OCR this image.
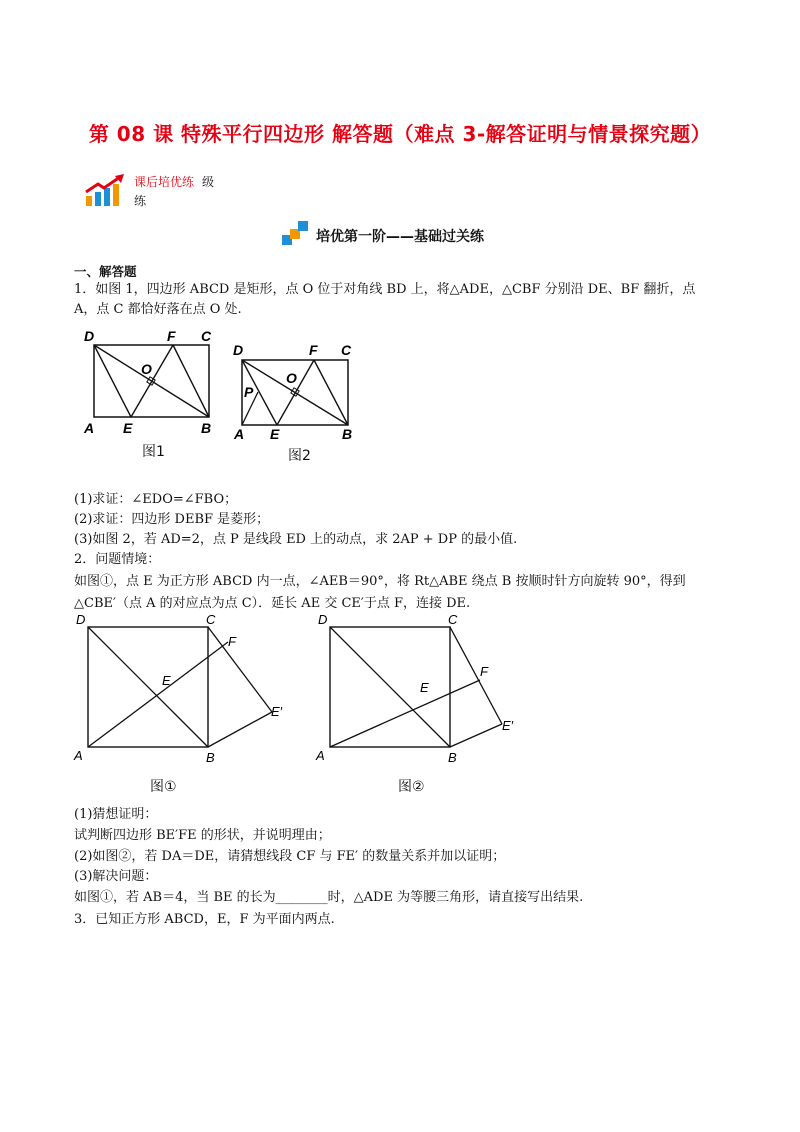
第 08 课 特殊平行四边形 解答题（难点 3-解答证明与情景探究题）
课后培优练 级
练
培优第一阶——基础过关练
一、解答题
1．如图 1，四边形 ABCD 是矩形，点 O 位于对角线 BD 上，将△ADE，△CBF 分别沿 DE、BF 翻折，点
A，点 C 都恰好落在点 O 处.
D	F C
O
A E	B
图1
D	F C
O
P
A E	B
图2
(1)求证：∠EDO=∠FBO；
(2)求证：四边形 DEBF 是菱形；
(3)如图 2，若 AD=2，点 P 是线段 ED 上的动点，求 2AP + DP 的最小值.
2．问题情境：
如图①，点 E 为正方形 ABCD 内一点，∠AEB＝90°，将 Rt△ABE 绕点 B 按顺时针方向旋转 90°，得到
△CBE′（点 A 的对应点为点 C）．延长 AE 交 CE′于点 F，连接 DE.
D	C
F
E
E′
A	B
图①
D	C
F
E
E′
A	B
图②
(1)猜想证明：
试判断四边形 BE′FE 的形状，并说明理由；
(2)如图②，若 DA＝DE，请猜想线段 CF 与 FE′ 的数量关系并加以证明；
(3)解决问题：
如图①，若 AB＝4，当 BE 的长为________时，△ADE 为等腰三角形，请直接写出结果.
3．已知正方形 ABCD，E，F 为平面内两点.
